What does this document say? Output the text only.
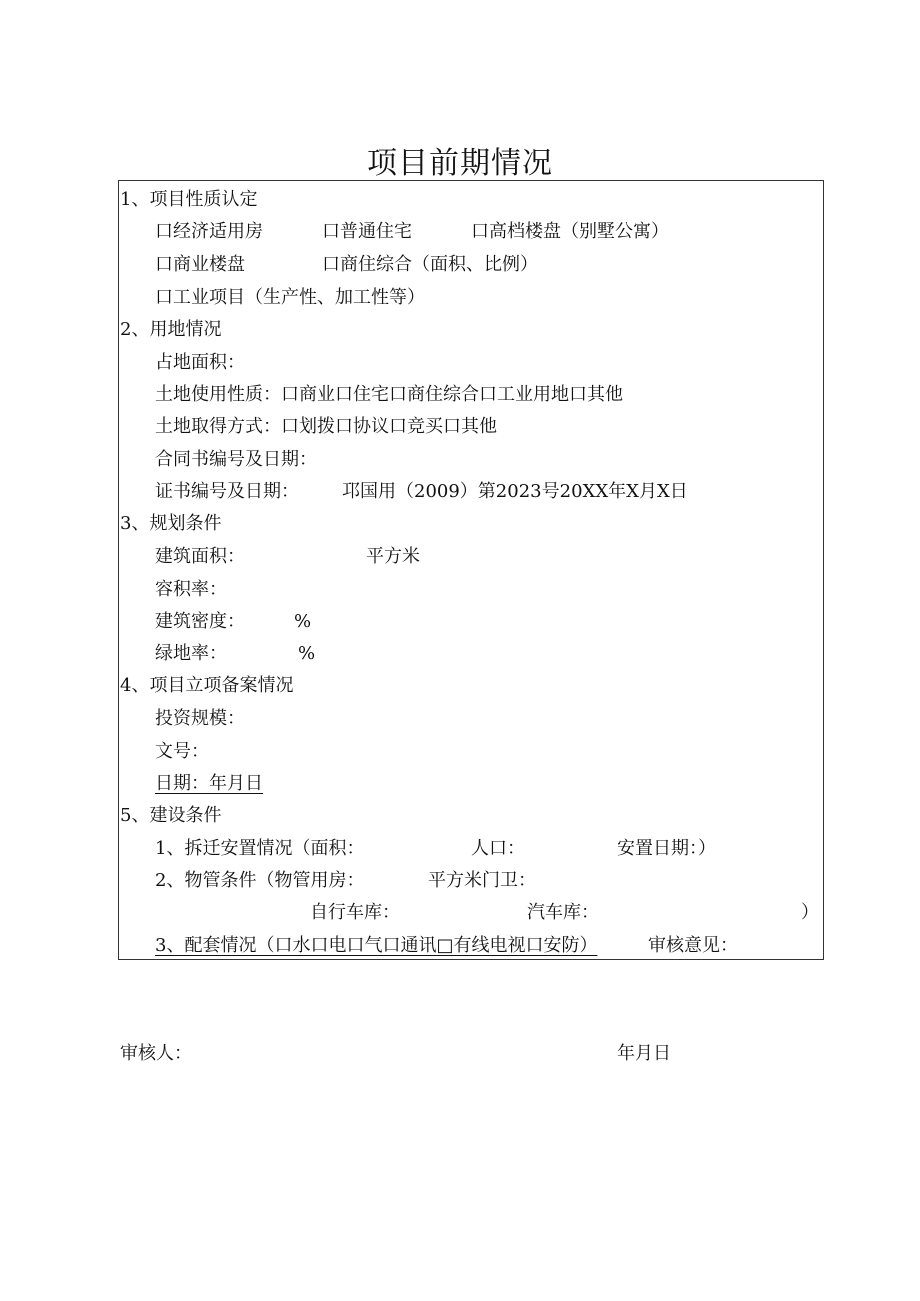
项目前期情况
1、项目性质认定
口经济适用房	口普通住宅	口高档楼盘（别墅公寓）
口商业楼盘	口商住综合（面积、比例）
口工业项目（生产性、加工性等）
2、用地情况
占地面积：
土地使用性质：口商业口住宅口商住综合口工业用地口其他
土地取得方式：口划拨口协议口竞买口其他
合同书编号及日期：
证书编号及日期： 邛国用（2009）第2023号20XX年X月X日
3、规划条件
建筑面积：	平方米
容积率：
建筑密度：	%
绿地率：	%
4、项目立项备案情况
投资规模：
文号：
日期：年月日
5、建设条件
1、拆迁安置情况（面积：	人口：	安置日期：）
2、物管条件（物管用房：	平方米门卫：
自行车库：	汽车库：	）
3、配套情况（口水口电口气口通讯□有线电视口安防）	审核意见：
审核人：	年月日
